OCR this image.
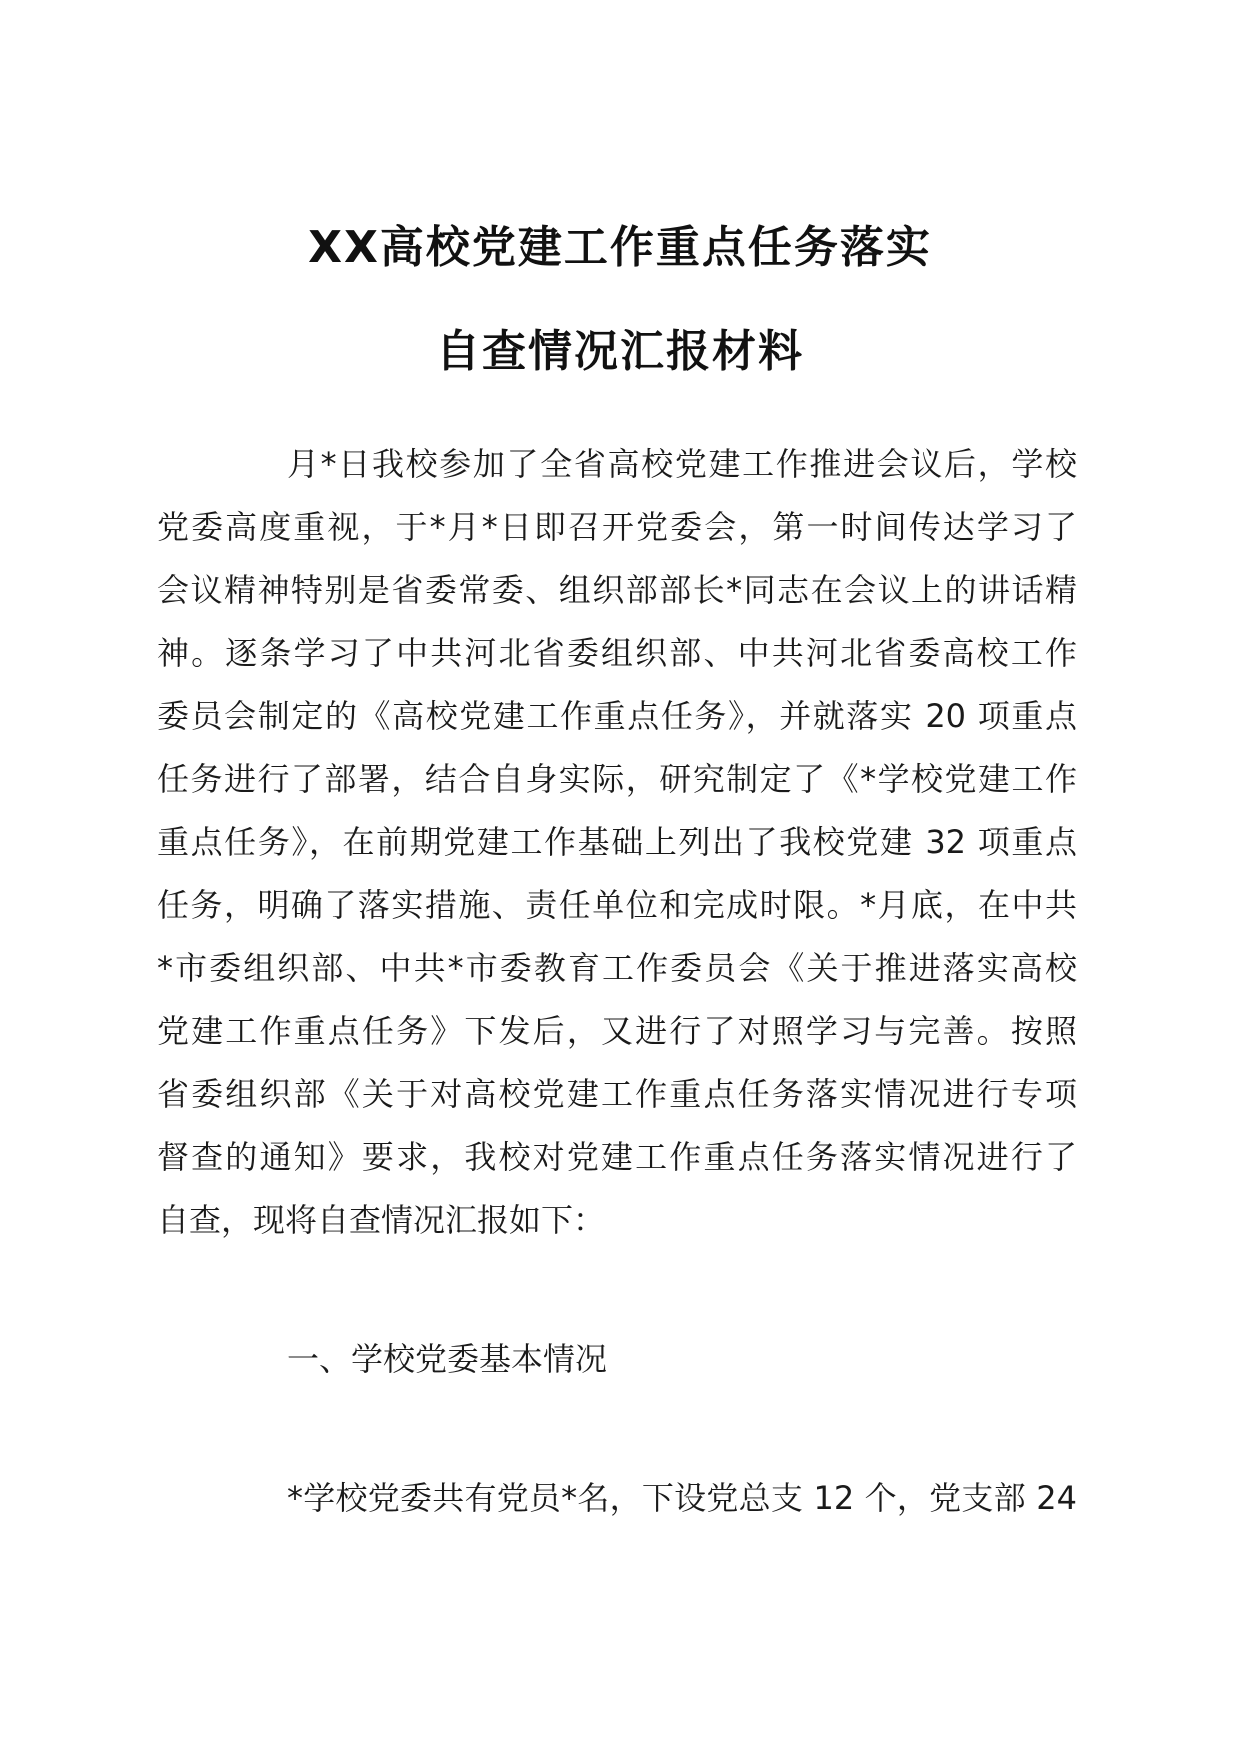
XX高校党建工作重点任务落实
自查情况汇报材料
月*日我校参加了全省高校党建工作推进会议后，学校
党委高度重视，于*月*日即召开党委会，第一时间传达学习了
会议精神特别是省委常委、组织部部长*同志在会议上的讲话精
神。逐条学习了中共河北省委组织部、中共河北省委高校工作
委员会制定的《高校党建工作重点任务》，并就落实 20 项重点
任务进行了部署，结合自身实际，研究制定了《*学校党建工作
重点任务》，在前期党建工作基础上列出了我校党建 32 项重点
任务，明确了落实措施、责任单位和完成时限。*月底，在中共
*市委组织部、中共*市委教育工作委员会《关于推进落实高校
党建工作重点任务》下发后，又进行了对照学习与完善。按照
省委组织部《关于对高校党建工作重点任务落实情况进行专项
督查的通知》要求，我校对党建工作重点任务落实情况进行了
自查，现将自查情况汇报如下：
一、学校党委基本情况
*学校党委共有党员*名，下设党总支 12 个，党支部 24
